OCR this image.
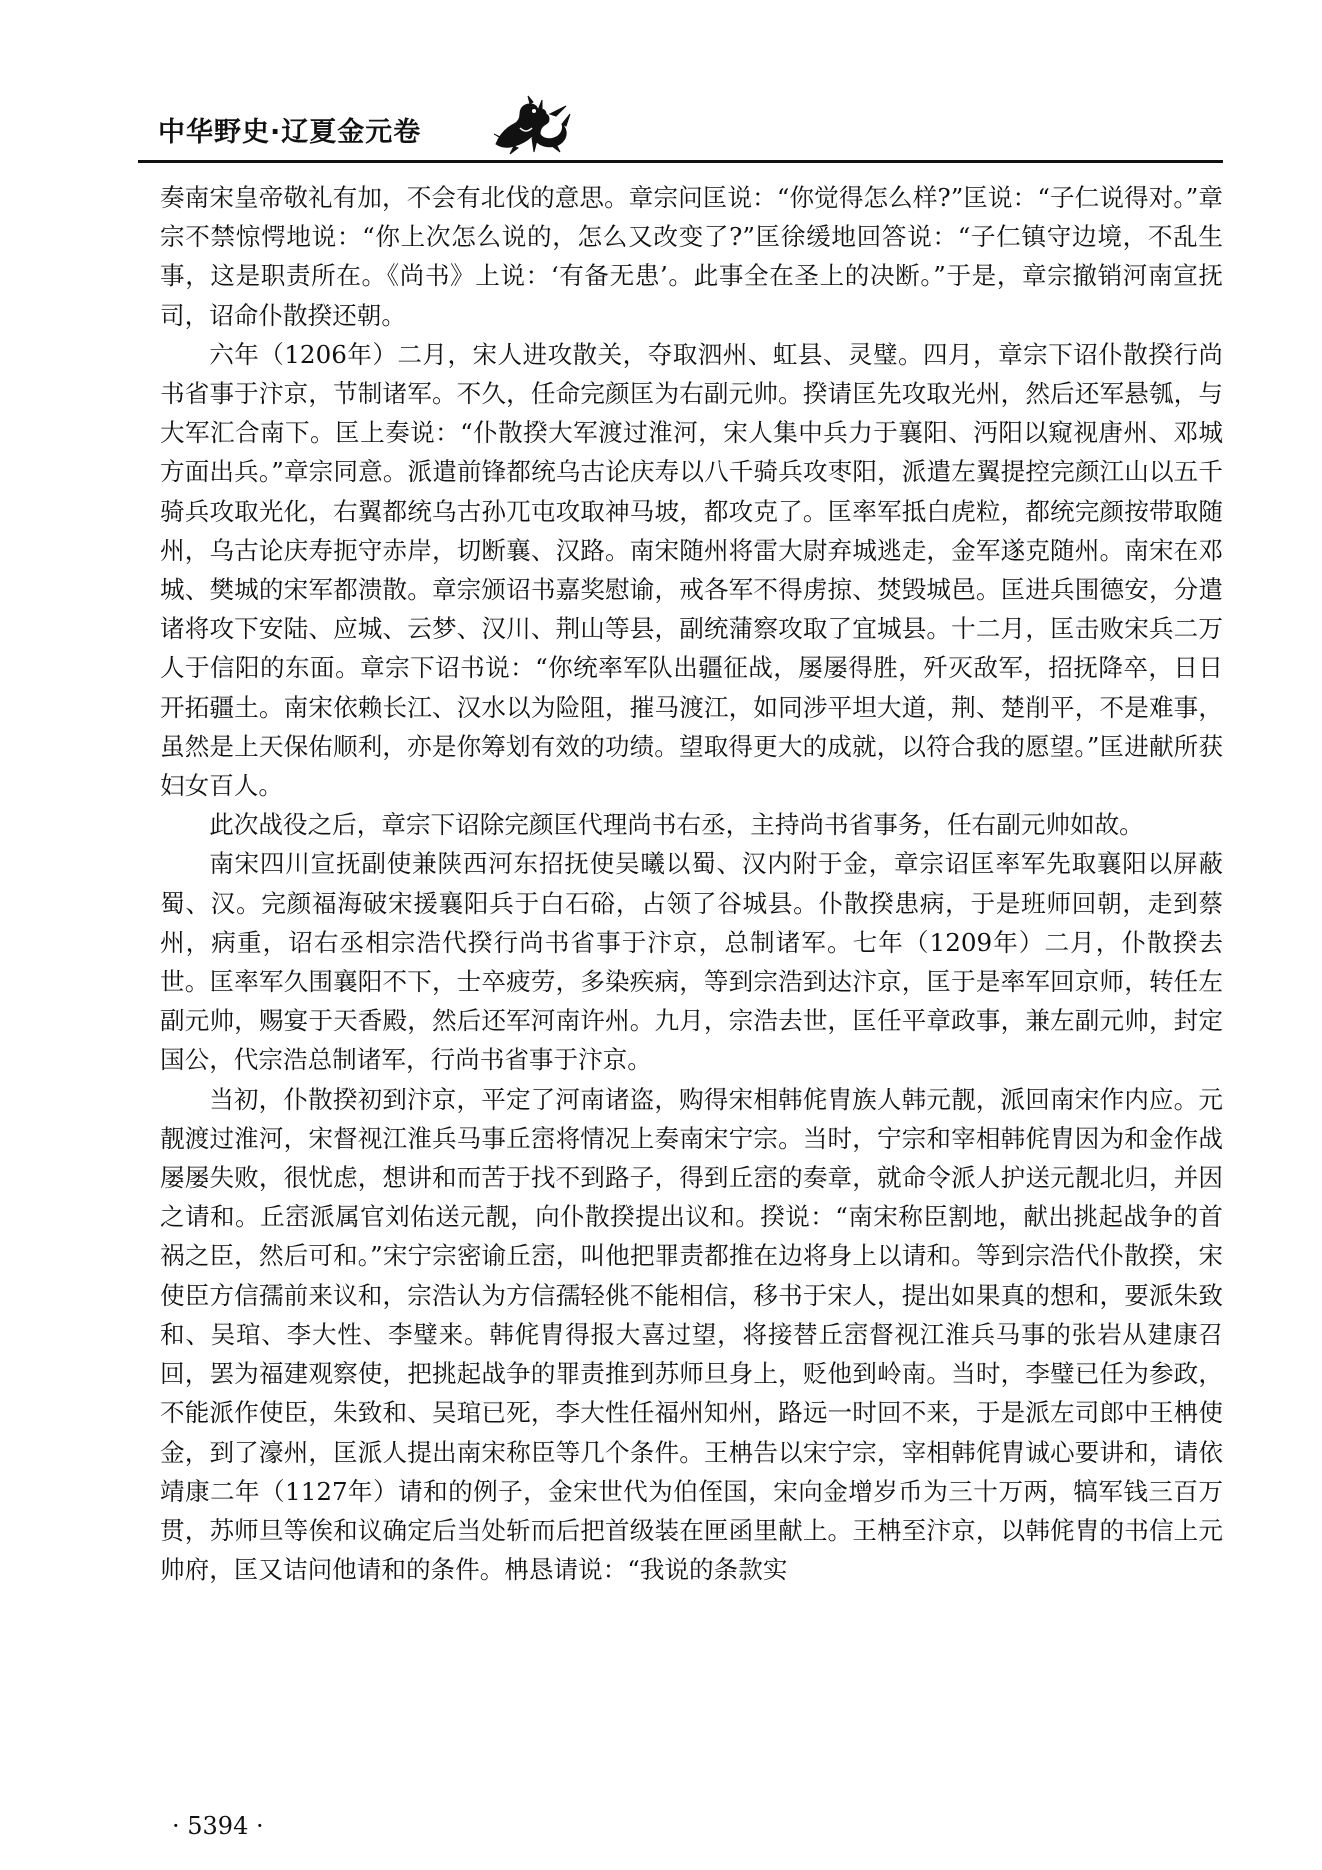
中华野史·辽夏金元卷

奏南宋皇帝敬礼有加，不会有北伐的意思。章宗问匡说：“你觉得怎么样?”匡说：“子仁说得对。”章宗不禁惊愕地说：“你上次怎么说的，怎么又改变了?”匡徐缓地回答说：“子仁镇守边境，不乱生事，这是职责所在。《尚书》上说：‘有备无患’。此事全在圣上的决断。”于是，章宗撤销河南宣抚司，诏命仆散揆还朝。

六年（1206年）二月，宋人进攻散关，夺取泗州、虹县、灵璧。四月，章宗下诏仆散揆行尚书省事于汴京，节制诸军。不久，任命完颜匡为右副元帅。揆请匡先攻取光州，然后还军悬瓠，与大军汇合南下。匡上奏说：“仆散揆大军渡过淮河，宋人集中兵力于襄阳、沔阳以窥视唐州、邓城方面出兵。”章宗同意。派遣前锋都统乌古论庆寿以八千骑兵攻枣阳，派遣左翼提控完颜江山以五千骑兵攻取光化，右翼都统乌古孙兀屯攻取神马坡，都攻克了。匡率军抵白虎粒，都统完颜按带取随州，乌古论庆寿扼守赤岸，切断襄、汉路。南宋随州将雷大尉弃城逃走，金军遂克随州。南宋在邓城、樊城的宋军都溃散。章宗颁诏书嘉奖慰谕，戒各军不得虏掠、焚毁城邑。匡进兵围德安，分遣诸将攻下安陆、应城、云梦、汉川、荆山等县，副统蒲察攻取了宜城县。十二月，匡击败宋兵二万人于信阳的东面。章宗下诏书说：“你统率军队出疆征战，屡屡得胜，歼灭敌军，招抚降卒，日日开拓疆土。南宋依赖长江、汉水以为险阻，摧马渡江，如同涉平坦大道，荆、楚削平，不是难事，虽然是上天保佑顺利，亦是你筹划有效的功绩。望取得更大的成就，以符合我的愿望。”匡进献所获妇女百人。

此次战役之后，章宗下诏除完颜匡代理尚书右丞，主持尚书省事务，任右副元帅如故。

南宋四川宣抚副使兼陕西河东招抚使吴曦以蜀、汉内附于金，章宗诏匡率军先取襄阳以屏蔽蜀、汉。完颜福海破宋援襄阳兵于白石硲，占领了谷城县。仆散揆患病，于是班师回朝，走到蔡州，病重，诏右丞相宗浩代揆行尚书省事于汴京，总制诸军。七年（1209年）二月，仆散揆去世。匡率军久围襄阳不下，士卒疲劳，多染疾病，等到宗浩到达汴京，匡于是率军回京师，转任左副元帅，赐宴于天香殿，然后还军河南许州。九月，宗浩去世，匡任平章政事，兼左副元帅，封定国公，代宗浩总制诸军，行尚书省事于汴京。

当初，仆散揆初到汴京，平定了河南诸盗，购得宋相韩侂胄族人韩元靓，派回南宋作内应。元靓渡过淮河，宋督视江淮兵马事丘崈将情况上奏南宋宁宗。当时，宁宗和宰相韩侂胄因为和金作战屡屡失败，很忧虑，想讲和而苦于找不到路子，得到丘崈的奏章，就命令派人护送元靓北归，并因之请和。丘崈派属官刘佑送元靓，向仆散揆提出议和。揆说：“南宋称臣割地，献出挑起战争的首祸之臣，然后可和。”宋宁宗密谕丘崈，叫他把罪责都推在边将身上以请和。等到宗浩代仆散揆，宋使臣方信孺前来议和，宗浩认为方信孺轻佻不能相信，移书于宋人，提出如果真的想和，要派朱致和、吴琯、李大性、李璧来。韩侂胄得报大喜过望，将接替丘崈督视江淮兵马事的张岩从建康召回，罢为福建观察使，把挑起战争的罪责推到苏师旦身上，贬他到岭南。当时，李璧已任为参政，不能派作使臣，朱致和、吴琯已死，李大性任福州知州，路远一时回不来，于是派左司郎中王柟使金，到了濠州，匡派人提出南宋称臣等几个条件。王柟告以宋宁宗，宰相韩侂胄诚心要讲和，请依靖康二年（1127年）请和的例子，金宋世代为伯侄国，宋向金增岁币为三十万两，犒军钱三百万贯，苏师旦等俟和议确定后当处斩而后把首级装在匣函里献上。王柟至汴京，以韩侂胄的书信上元帅府，匡又诘问他请和的条件。柟恳请说：“我说的条款实

· 5394 ·
